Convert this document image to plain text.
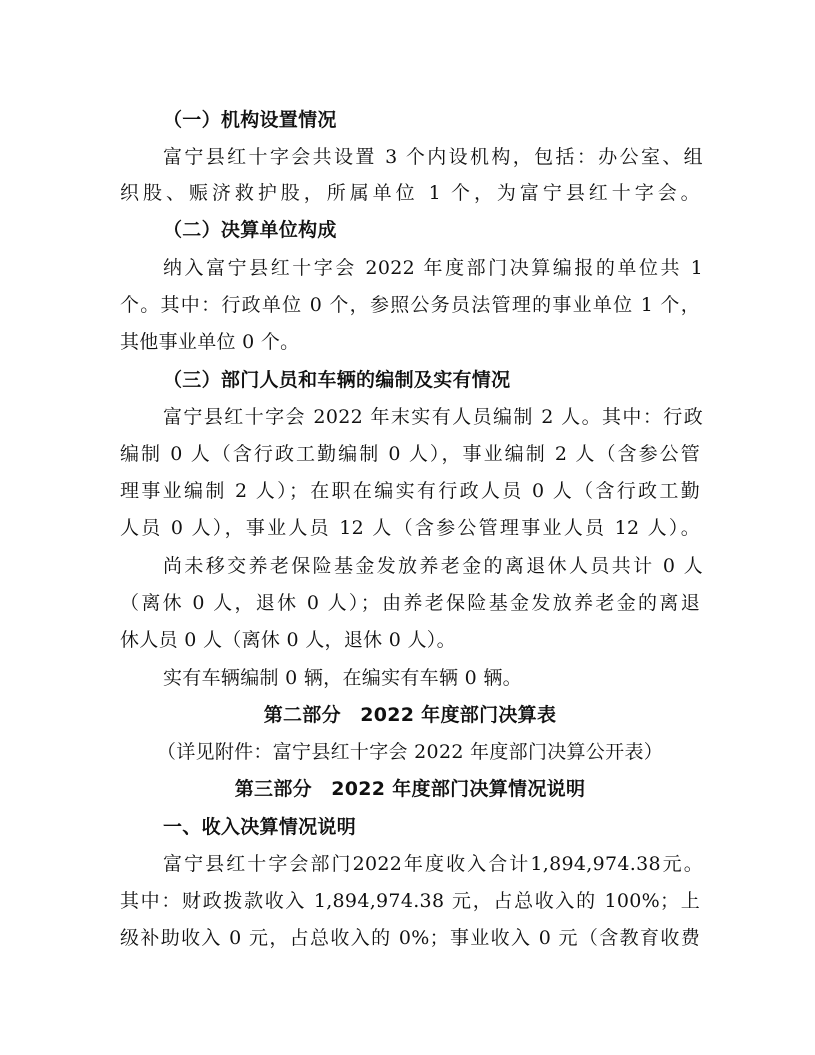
（一）机构设置情况
富宁县红十字会共设置 3 个内设机构，包括：办公室、组
织股、赈济救护股，所属单位 1 个，为富宁县红十字会。
（二）决算单位构成
纳入富宁县红十字会 2022 年度部门决算编报的单位共 1
个。其中：行政单位 0 个，参照公务员法管理的事业单位 1 个，
其他事业单位 0 个。
（三）部门人员和车辆的编制及实有情况
富宁县红十字会 2022 年末实有人员编制 2 人。其中：行政
编制 0 人（含行政工勤编制 0 人），事业编制 2 人（含参公管
理事业编制 2 人）；在职在编实有行政人员 0 人（含行政工勤
人员 0 人），事业人员 12 人（含参公管理事业人员 12 人）。
尚未移交养老保险基金发放养老金的离退休人员共计 0 人
（离休 0 人，退休 0 人）；由养老保险基金发放养老金的离退
休人员 0 人（离休 0 人，退休 0 人）。
实有车辆编制 0 辆，在编实有车辆 0 辆。
第二部分　2022 年度部门决算表
（详见附件：富宁县红十字会 2022 年度部门决算公开表）
第三部分　2022 年度部门决算情况说明
一、收入决算情况说明
富宁县红十字会部门2022年度收入合计1,894,974.38元。
其中：财政拨款收入 1,894,974.38 元，占总收入的 100%；上
级补助收入 0 元，占总收入的 0%；事业收入 0 元（含教育收费
